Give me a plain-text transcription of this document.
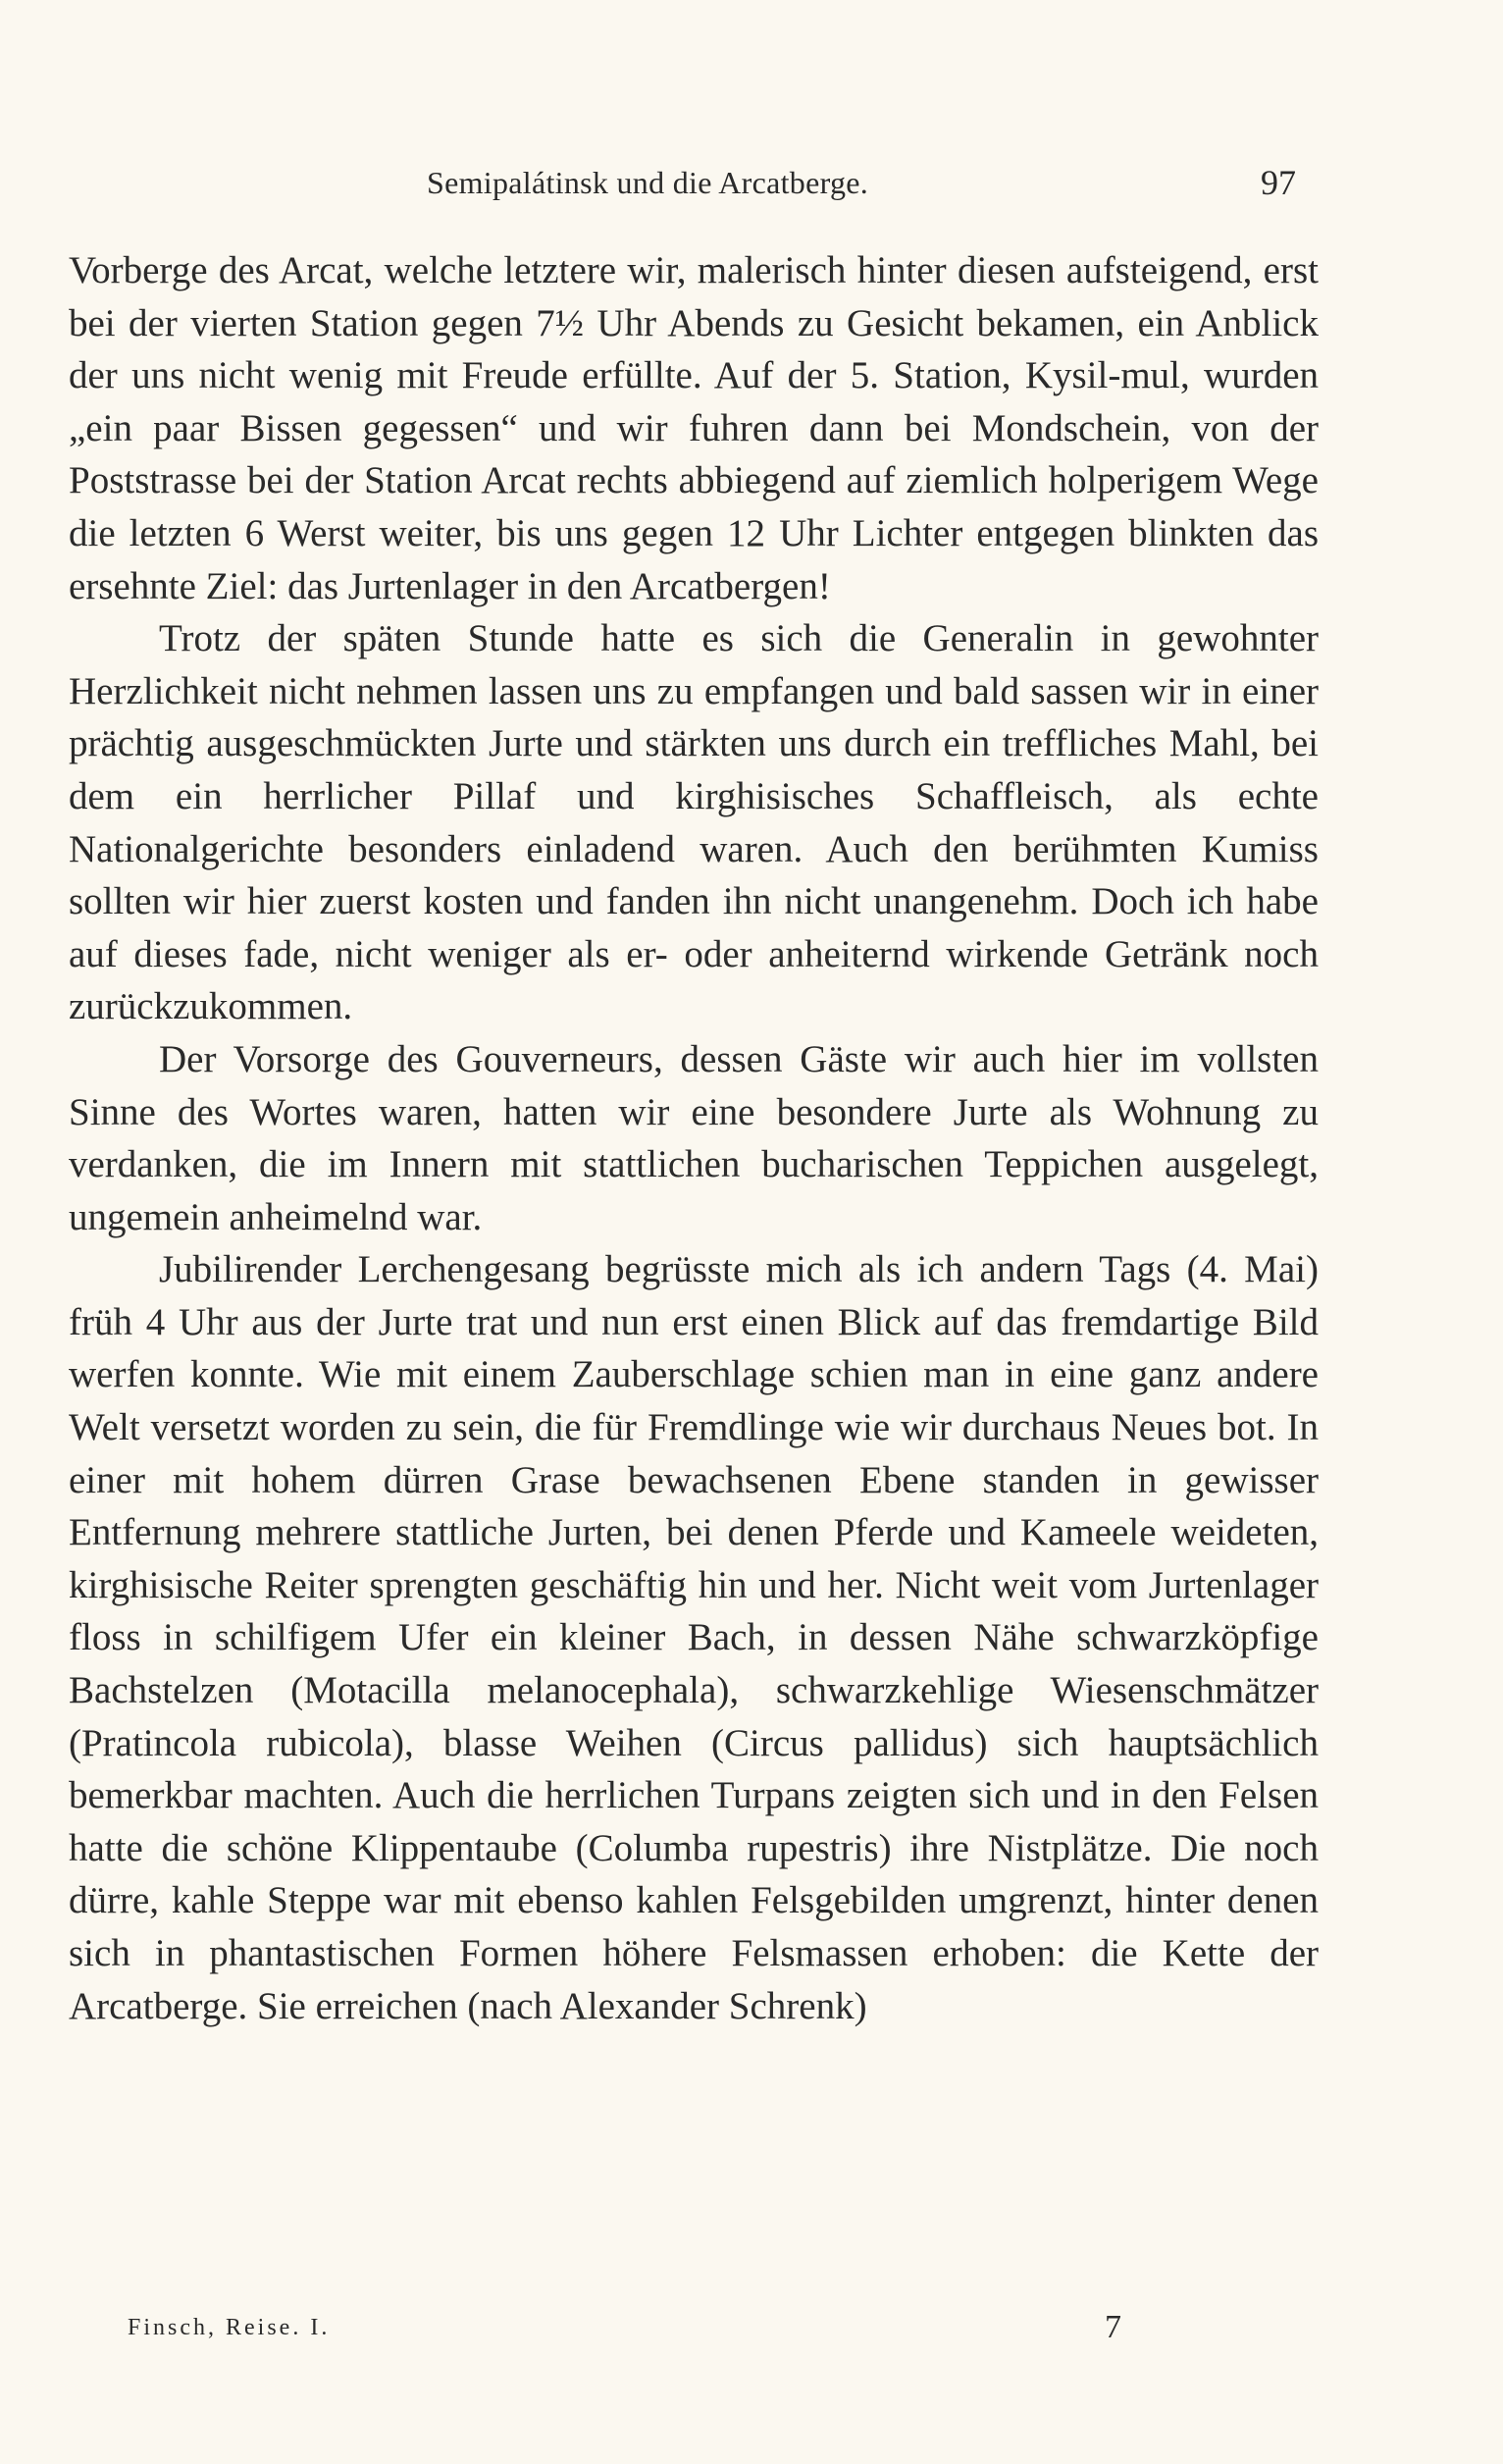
Semipalátinsk und die Arcatberge.	97

Vorberge des Arcat, welche letztere wir, malerisch hinter diesen aufsteigend, erst bei der vierten Station gegen 7½ Uhr Abends zu Gesicht bekamen, ein Anblick der uns nicht wenig mit Freude erfüllte. Auf der 5. Station, Kysil-mul, wurden „ein paar Bissen gegessen“ und wir fuhren dann bei Mondschein, von der Poststrasse bei der Station Arcat rechts abbiegend auf ziemlich holperigem Wege die letzten 6 Werst weiter, bis uns gegen 12 Uhr Lichter entgegen blinkten das ersehnte Ziel: das Jurtenlager in den Arcatbergen!

Trotz der späten Stunde hatte es sich die Generalin in gewohnter Herzlichkeit nicht nehmen lassen uns zu empfangen und bald sassen wir in einer prächtig ausgeschmückten Jurte und stärkten uns durch ein treffliches Mahl, bei dem ein herrlicher Pillaf und kirghisisches Schaffleisch, als echte Nationalgerichte besonders einladend waren. Auch den berühmten Kumiss sollten wir hier zuerst kosten und fanden ihn nicht unangenehm. Doch ich habe auf dieses fade, nicht weniger als er- oder anheiternd wirkende Getränk noch zurückzukommen.

Der Vorsorge des Gouverneurs, dessen Gäste wir auch hier im vollsten Sinne des Wortes waren, hatten wir eine besondere Jurte als Wohnung zu verdanken, die im Innern mit stattlichen bucharischen Teppichen ausgelegt, ungemein anheimelnd war.

Jubilirender Lerchengesang begrüsste mich als ich andern Tags (4. Mai) früh 4 Uhr aus der Jurte trat und nun erst einen Blick auf das fremdartige Bild werfen konnte. Wie mit einem Zauberschlage schien man in eine ganz andere Welt versetzt worden zu sein, die für Fremdlinge wie wir durchaus Neues bot. In einer mit hohem dürren Grase bewachsenen Ebene standen in gewisser Entfernung mehrere stattliche Jurten, bei denen Pferde und Kameele weideten, kirghisische Reiter sprengten geschäftig hin und her. Nicht weit vom Jurtenlager floss in schilfigem Ufer ein kleiner Bach, in dessen Nähe schwarzköpfige Bachstelzen (Motacilla melanocephala), schwarzkehlige Wiesenschmätzer (Pratincola rubicola), blasse Weihen (Circus pallidus) sich hauptsächlich bemerkbar machten. Auch die herrlichen Turpans zeigten sich und in den Felsen hatte die schöne Klippentaube (Columba rupestris) ihre Nistplätze. Die noch dürre, kahle Steppe war mit ebenso kahlen Felsgebilden umgrenzt, hinter denen sich in phantastischen Formen höhere Felsmassen erhoben: die Kette der Arcatberge. Sie erreichen (nach Alexander Schrenk)

Finsch, Reise. I.	7
